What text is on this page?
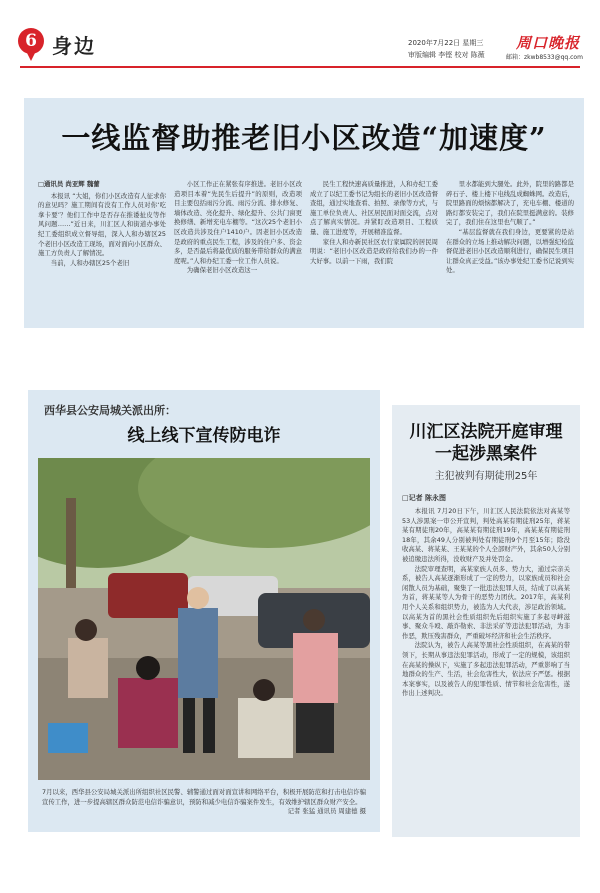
6 身边	2020年7月22日 星期三
审版编辑 李铿 校对 陈薇
周口晚报
邮箱：zkwb8533@qq.com
一线监督助推老旧小区改造“加速度”

□通讯员 尚亚辉 魏蕾

本报讯 “大姐，你们小区改造有人征求你的意见吗？施工期间有没有工作人员对你‘吃拿卡要’？他们工作中是否存在推诿扯皮等作风问题……”近日来，川汇区人和街道办事处纪工委组织成立督导组，深入人和办辖区25个老旧小区改造工现场，面对面向小区群众、施工方负责人了解情况。

当前，人和办辖区25个老旧

小区工作正在紧张有序推进。老旧小区改造项目本着“先民生后提升”的原则，改造项目主要包括雨污分流、雨污分流、排水修复、墙体改造、亮化提升、绿化提升、公共门窗更换修缮、新增充电车棚等。“这次25个老旧小区改造共涉及住户1410户。因老旧小区改造是政府的重点民生工程，涉及的住户多、资金多，是否最后将最优质的服务带给群众的满意度呢。”人和办纪工委一位工作人员说。

为确保老旧小区改造这一

民生工程快速高质量推进，人和办纪工委成立了以纪工委书记为组长的老旧小区改造督查组，通过实地查看、拍照、录像等方式，与施工单位负责人、社区居民面对面交流，点对点了解真实情况。并紧盯改造项目、工程质量、施工进度等，开展精准监督。

家住人和办新民社区农行家属院的居民周明说：“老旧小区改造是政府给我们办的一件大好事。以前一下雨，我们院

里水都能到大腿处。此外，院里的路都是碎石子、楼上楼下电线乱成蜘蛛网。改造后，院里路面的烦恼都解决了，充电车棚、楼道的路灯都安装完了，我们在院里挺满意的。装修完了，我们住在这里也气顺了。”

“基层监督就在我们身边，更要紧的是站在群众的立场上推动解决问题，以增强纪检监督促进老旧小区改造顺利进行，确保民生项目让群众真正受益。”该办事处纪工委书记说到实处。

西华县公安局城关派出所：
线上线下宣传防电诈

7月以来，西华县公安局城关派出所组织社区民警、辅警通过面对面宣讲和网络平台，积极开展防范和打击电信诈骗宣传工作，进一步提高辖区群众防范电信诈骗意识，预防和减少电信诈骗案件发生，有效维护辖区群众财产安全。

记者 张猛 通讯员 周建德 摄

川汇区法院开庭审理
一起涉黑案件
主犯被判有期徒刑25年
□记者 陈永图

本报讯 7月20日下午，川汇区人民法院依法对高某等53人涉黑案一审公开宣判，判处高某有期徒刑25年，蒋某某有期徒刑20年，高某某有期徒刑19年，高某某有期徒刑18年，其余49人分别被判处有期徒刑9个月至15年；除没收高某、蒋某某、王某某的个人全部财产外，其余50人分别被追缴违法所得，没收财产及并处罚金。

法院审理查明，高某家族人员多、势力大，通过宗亲关系，被告人高某逐渐形成了一定的势力，以家族成员和社会闲散人员为基础，聚集了一批违法犯罪人员，结成了以高某为首，蒋某某等人为骨干的恶势力团伙。2017年，高某利用个人关系和组织势力，被选为人大代表，涉足政治领域。以高某为首的黑社会性质组织先后组织实施了多起寻衅滋事、聚众斗殴、敲诈勒索、非法采矿等违法犯罪活动，为非作恶，欺压残害群众，严重破坏经济和社会生活秩序。

法院认为，被告人高某等黑社会性质组织，在高某的带领下，长期从事违法犯罪活动，形成了一定的规模，该组织在高某的操纵下，实施了多起违法犯罪活动，严重影响了当地群众的生产、生活，社会危害性大，依法应予严惩。根据本案事实，以及被告人的犯罪性质、情节和社会危害性，遂作出上述判决。
